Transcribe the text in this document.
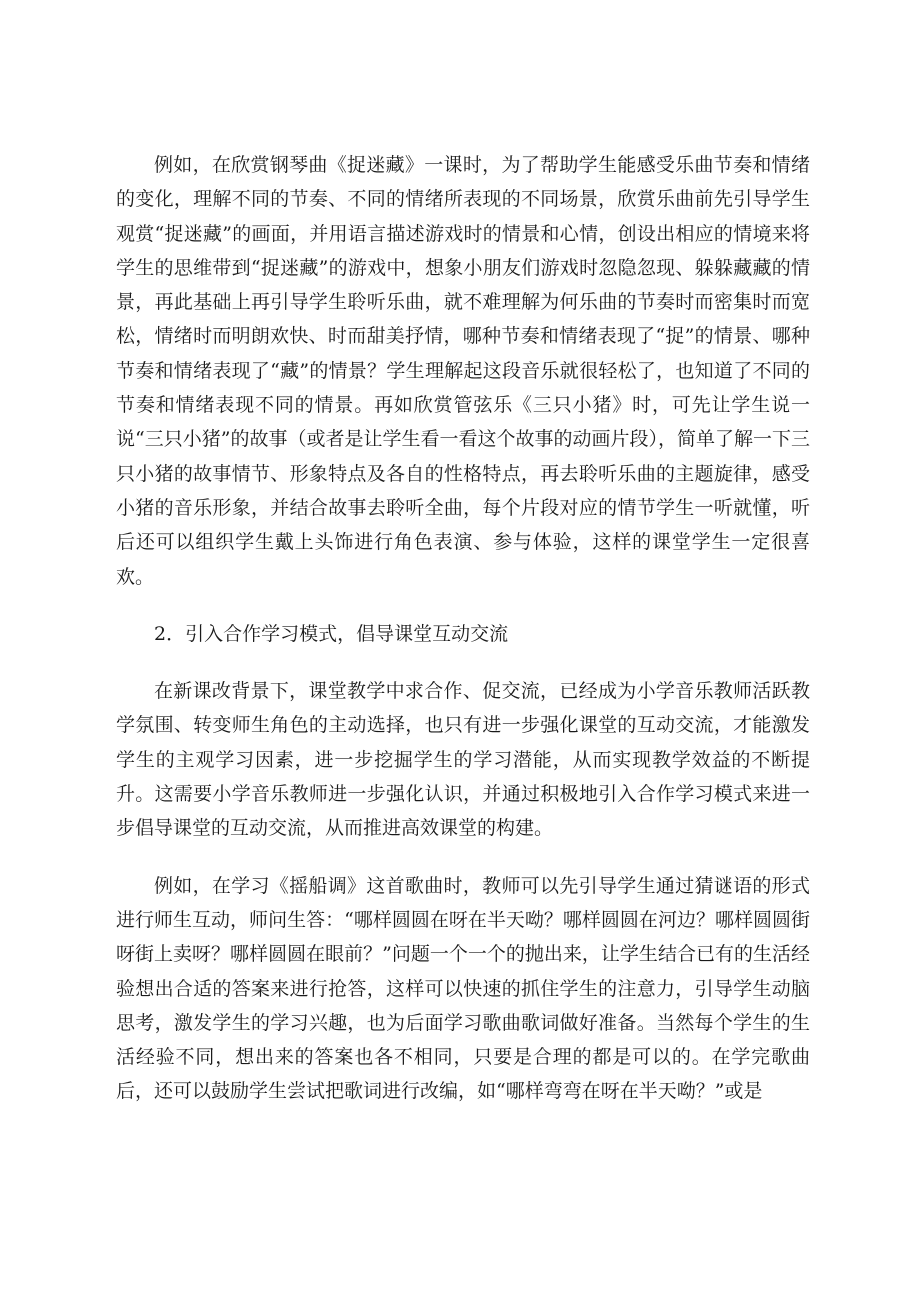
例如，在欣赏钢琴曲《捉迷藏》一课时，为了帮助学生能感受乐曲节奏和情绪的变化，理解不同的节奏、不同的情绪所表现的不同场景，欣赏乐曲前先引导学生观赏“捉迷藏”的画面，并用语言描述游戏时的情景和心情，创设出相应的情境来将学生的思维带到“捉迷藏”的游戏中，想象小朋友们游戏时忽隐忽现、躲躲藏藏的情景，再此基础上再引导学生聆听乐曲，就不难理解为何乐曲的节奏时而密集时而宽松，情绪时而明朗欢快、时而甜美抒情，哪种节奏和情绪表现了“捉”的情景、哪种节奏和情绪表现了“藏”的情景？学生理解起这段音乐就很轻松了，也知道了不同的节奏和情绪表现不同的情景。再如欣赏管弦乐《三只小猪》时，可先让学生说一说“三只小猪”的故事（或者是让学生看一看这个故事的动画片段），简单了解一下三只小猪的故事情节、形象特点及各自的性格特点，再去聆听乐曲的主题旋律，感受小猪的音乐形象，并结合故事去聆听全曲，每个片段对应的情节学生一听就懂，听后还可以组织学生戴上头饰进行角色表演、参与体验，这样的课堂学生一定很喜欢。

2．引入合作学习模式，倡导课堂互动交流

在新课改背景下，课堂教学中求合作、促交流，已经成为小学音乐教师活跃教学氛围、转变师生角色的主动选择，也只有进一步强化课堂的互动交流，才能激发学生的主观学习因素，进一步挖掘学生的学习潜能，从而实现教学效益的不断提升。这需要小学音乐教师进一步强化认识，并通过积极地引入合作学习模式来进一步倡导课堂的互动交流，从而推进高效课堂的构建。

例如，在学习《摇船调》这首歌曲时，教师可以先引导学生通过猜谜语的形式进行师生互动，师问生答：“哪样圆圆在呀在半天呦？哪样圆圆在河边？哪样圆圆街呀街上卖呀？哪样圆圆在眼前？”问题一个一个的抛出来，让学生结合已有的生活经验想出合适的答案来进行抢答，这样可以快速的抓住学生的注意力，引导学生动脑思考，激发学生的学习兴趣，也为后面学习歌曲歌词做好准备。当然每个学生的生活经验不同，想出来的答案也各不相同，只要是合理的都是可以的。在学完歌曲后，还可以鼓励学生尝试把歌词进行改编，如“哪样弯弯在呀在半天呦？”或是
